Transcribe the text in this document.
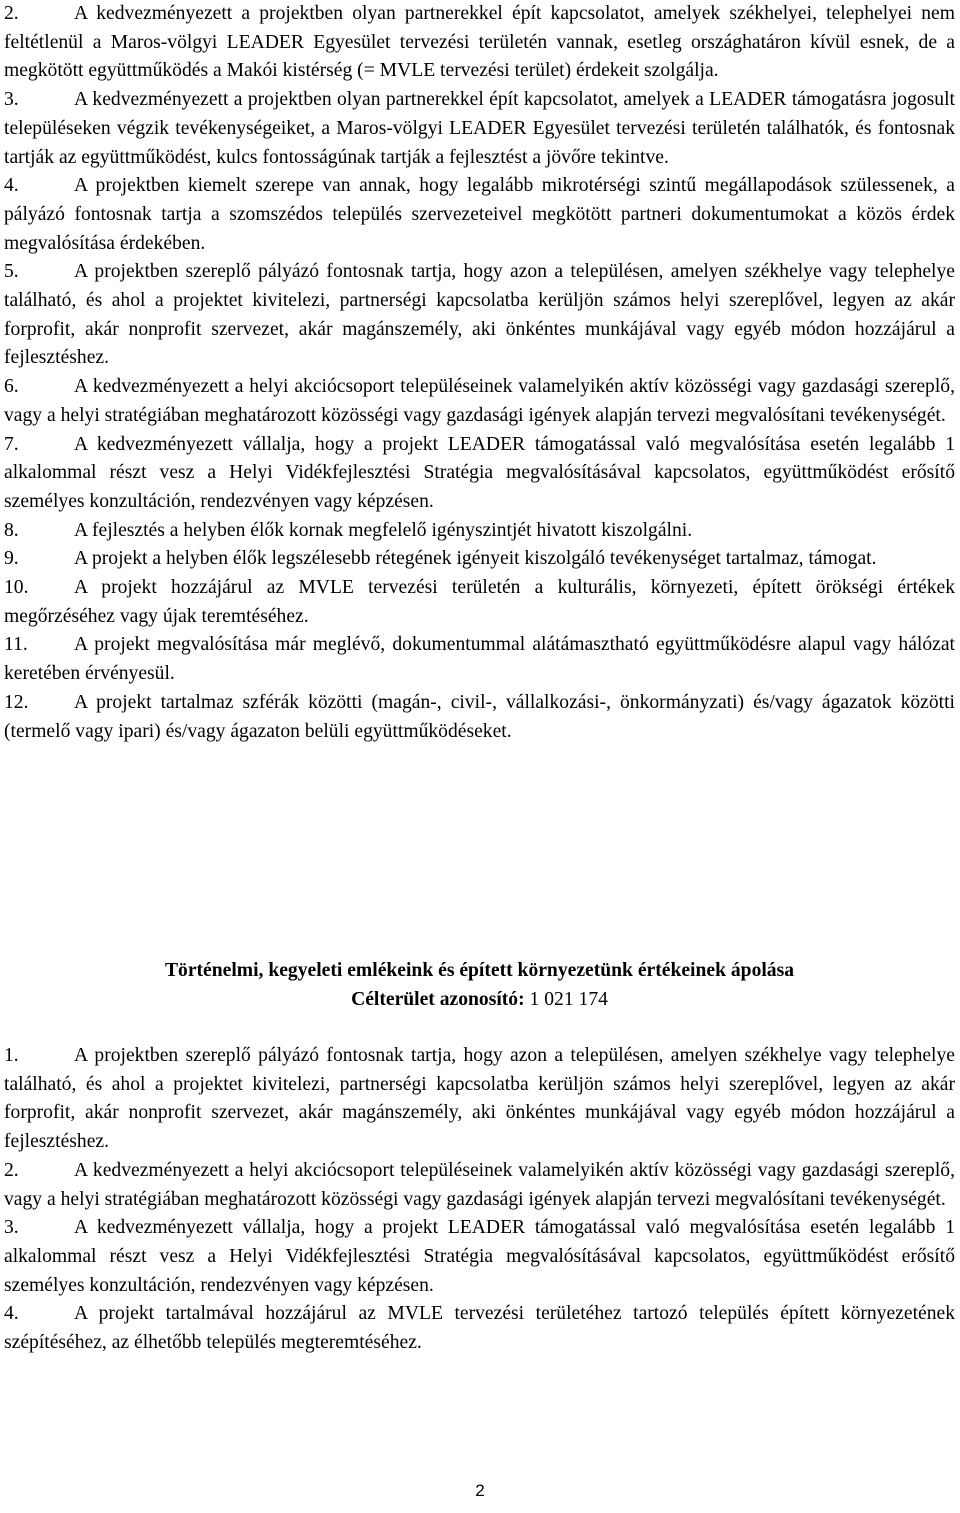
2.	A kedvezményezett a projektben olyan partnerekkel épít kapcsolatot, amelyek székhelyei, telephelyei nem feltétlenül a Maros-völgyi LEADER Egyesület tervezési területén vannak, esetleg országhatáron kívül esnek, de a megkötött együttműködés a Makói kistérség (= MVLE tervezési terület) érdekeit szolgálja.

3.	A kedvezményezett a projektben olyan partnerekkel épít kapcsolatot, amelyek a LEADER támogatásra jogosult településeken végzik tevékenységeiket, a Maros-völgyi LEADER Egyesület tervezési területén találhatók, és fontosnak tartják az együttműködést, kulcs fontosságúnak tartják a fejlesztést a jövőre tekintve.

4.	A projektben kiemelt szerepe van annak, hogy legalább mikrotérségi szintű megállapodások szülessenek, a pályázó fontosnak tartja a szomszédos település szervezeteivel megkötött partneri dokumentumokat a közös érdek megvalósítása érdekében.

5.	A projektben szereplő pályázó fontosnak tartja, hogy azon a településen, amelyen székhelye vagy telephelye található, és ahol a projektet kivitelezi, partnerségi kapcsolatba kerüljön számos helyi szereplővel, legyen az akár forprofit, akár nonprofit szervezet, akár magánszemély, aki önkéntes munkájával vagy egyéb módon hozzájárul a fejlesztéshez.

6.	A kedvezményezett a helyi akciócsoport településeinek valamelyikén aktív közösségi vagy gazdasági szereplő, vagy a helyi stratégiában meghatározott közösségi vagy gazdasági igények alapján tervezi megvalósítani tevékenységét.

7.	A kedvezményezett vállalja, hogy a projekt LEADER támogatással való megvalósítása esetén legalább 1 alkalommal részt vesz a Helyi Vidékfejlesztési Stratégia megvalósításával kapcsolatos, együttműködést erősítő személyes konzultáción, rendezvényen vagy képzésen.

8.	A fejlesztés a helyben élők kornak megfelelő igényszintjét hivatott kiszolgálni.

9.	A projekt a helyben élők legszélesebb rétegének igényeit kiszolgáló tevékenységet tartalmaz, támogat.

10. A projekt hozzájárul az MVLE tervezési területén a kulturális, környezeti, épített örökségi értékek megőrzéséhez vagy újak teremtéséhez.

11. A projekt megvalósítása már meglévő, dokumentummal alátámasztható együttműködésre alapul vagy hálózat keretében érvényesül.

12. A projekt tartalmaz szférák közötti (magán-, civil-, vállalkozási-, önkormányzati) és/vagy ágazatok közötti (termelő vagy ipari) és/vagy ágazaton belüli együttműködéseket.

Történelmi, kegyeleti emlékeink és épített környezetünk értékeinek ápolása
Célterület azonosító: 1 021 174

1.	A projektben szereplő pályázó fontosnak tartja, hogy azon a településen, amelyen székhelye vagy telephelye található, és ahol a projektet kivitelezi, partnerségi kapcsolatba kerüljön számos helyi szereplővel, legyen az akár forprofit, akár nonprofit szervezet, akár magánszemély, aki önkéntes munkájával vagy egyéb módon hozzájárul a fejlesztéshez.

2.	A kedvezményezett a helyi akciócsoport településeinek valamelyikén aktív közösségi vagy gazdasági szereplő, vagy a helyi stratégiában meghatározott közösségi vagy gazdasági igények alapján tervezi megvalósítani tevékenységét.

3.	A kedvezményezett vállalja, hogy a projekt LEADER támogatással való megvalósítása esetén legalább 1 alkalommal részt vesz a Helyi Vidékfejlesztési Stratégia megvalósításával kapcsolatos, együttműködést erősítő személyes konzultáción, rendezvényen vagy képzésen.

4.	A projekt tartalmával hozzájárul az MVLE tervezési területéhez tartozó település épített környezetének szépítéséhez, az élhetőbb település megteremtéséhez.

2
